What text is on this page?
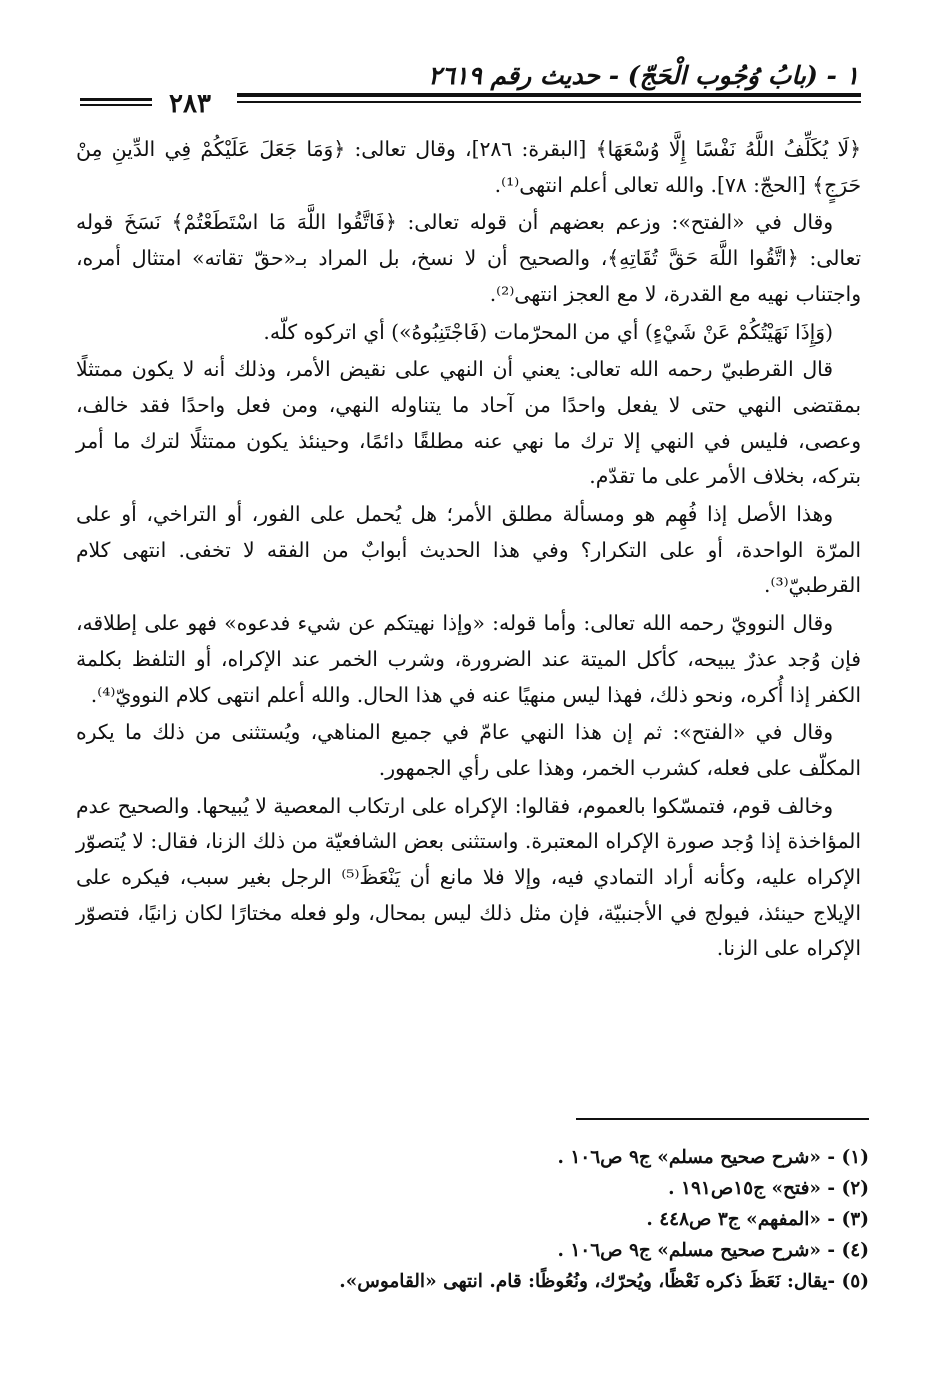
١ - (بابُ وُجُوب الْحَجّ) - حديث رقم ٢٦١٩
٢٨٣

﴿لَا يُكَلِّفُ اللَّهُ نَفْسًا إِلَّا وُسْعَهَا﴾ [البقرة: ٢٨٦]، وقال تعالى: ﴿وَمَا جَعَلَ عَلَيْكُمْ فِي الدِّينِ مِنْ حَرَجٍ﴾ [الحجّ: ٧٨]. والله تعالى أعلم انتهى⁽¹⁾.

وقال في «الفتح»: وزعم بعضهم أن قوله تعالى: ﴿فَاتَّقُوا اللَّهَ مَا اسْتَطَعْتُمْ﴾ نَسَخَ قوله تعالى: ﴿اتَّقُوا اللَّهَ حَقَّ تُقَاتِهِ﴾، والصحيح أن لا نسخ، بل المراد بـ«حقّ تقاته» امتثال أمره، واجتناب نهيه مع القدرة، لا مع العجز انتهى⁽²⁾.

(وَإِذَا نَهَيْتُكُمْ عَنْ شَيْءٍ) أي من المحرّمات (فَاجْتَنِبُوهُ») أي اتركوه كلّه.

قال القرطبيّ رحمه الله تعالى: يعني أن النهي على نقيض الأمر، وذلك أنه لا يكون ممتثلًا بمقتضى النهي حتى لا يفعل واحدًا من آحاد ما يتناوله النهي، ومن فعل واحدًا فقد خالف، وعصى، فليس في النهي إلا ترك ما نهي عنه مطلقًا دائمًا، وحينئذ يكون ممتثلًا لترك ما أمر بتركه، بخلاف الأمر على ما تقدّم.

وهذا الأصل إذا فُهِم هو ومسألة مطلق الأمر؛ هل يُحمل على الفور، أو التراخي، أو على المرّة الواحدة، أو على التكرار؟ وفي هذا الحديث أبوابٌ من الفقه لا تخفى. انتهى كلام القرطبيّ⁽³⁾.

وقال النوويّ رحمه الله تعالى: وأما قوله: «وإذا نهيتكم عن شيء فدعوه» فهو على إطلاقه، فإن وُجد عذرٌ يبيحه، كأكل الميتة عند الضرورة، وشرب الخمر عند الإكراه، أو التلفظ بكلمة الكفر إذا أُكره، ونحو ذلك، فهذا ليس منهيًا عنه في هذا الحال. والله أعلم انتهى كلام النوويّ⁽⁴⁾.

وقال في «الفتح»: ثم إن هذا النهي عامّ في جميع المناهي، ويُستثنى من ذلك ما يكره المكلّف على فعله، كشرب الخمر، وهذا على رأي الجمهور.

وخالف قوم، فتمسّكوا بالعموم، فقالوا: الإكراه على ارتكاب المعصية لا يُبيحها. والصحيح عدم المؤاخذة إذا وُجد صورة الإكراه المعتبرة. واستثنى بعض الشافعيّة من ذلك الزنا، فقال: لا يُتصوّر الإكراه عليه، وكأنه أراد التمادي فيه، وإلا فلا مانع أن يَنْعَظَ⁽⁵⁾ الرجل بغير سبب، فيكره على الإيلاج حينئذ، فيولج في الأجنبيّة، فإن مثل ذلك ليس بمحال، ولو فعله مختارًا لكان زانيًا، فتصوّر الإكراه على الزنا.

(١) - «شرح صحيح مسلم» ج٩ ص١٠٦ .
(٢) - «فتح» ج١٥ص١٩١ .
(٣) - «المفهم» ج٣ ص٤٤٨ .
(٤) - «شرح صحيح مسلم» ج٩ ص١٠٦ .
(٥) -يقال: نَعَظَ ذكره نَعْظًا، ويُحرّك، ونُعُوظًا: قام. انتهى «القاموس».
